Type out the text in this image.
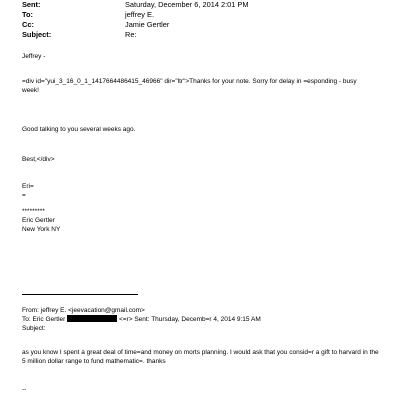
Sent:	Saturday, December 6, 2014 2:01 PM
To:	jeffrey E.
Cc:	Jamie Gertler
Subject:	Re:
Jeffrey -
=div id="yui_3_16_0_1_1417664486415_46966" dir="ltr">Thanks for your note. Sorry for delay in =esponding - busy
week!
Good talking to you several weeks ago.
Best,</div>
Eri=
=
*********
Eric Gertler
New York NY
From: jeffrey E. <jeevacation@gmail.com>
To: Eric Gertler	<=r> Sent: Thursday, Decemb=r 4, 2014 9:15 AM
Subject:
as you know I spent a great deal of time=and money on morts planning. I would ask that you consid=r a gift to harvard in the 5 million dollar range to fund mathematic=. thanks
--
